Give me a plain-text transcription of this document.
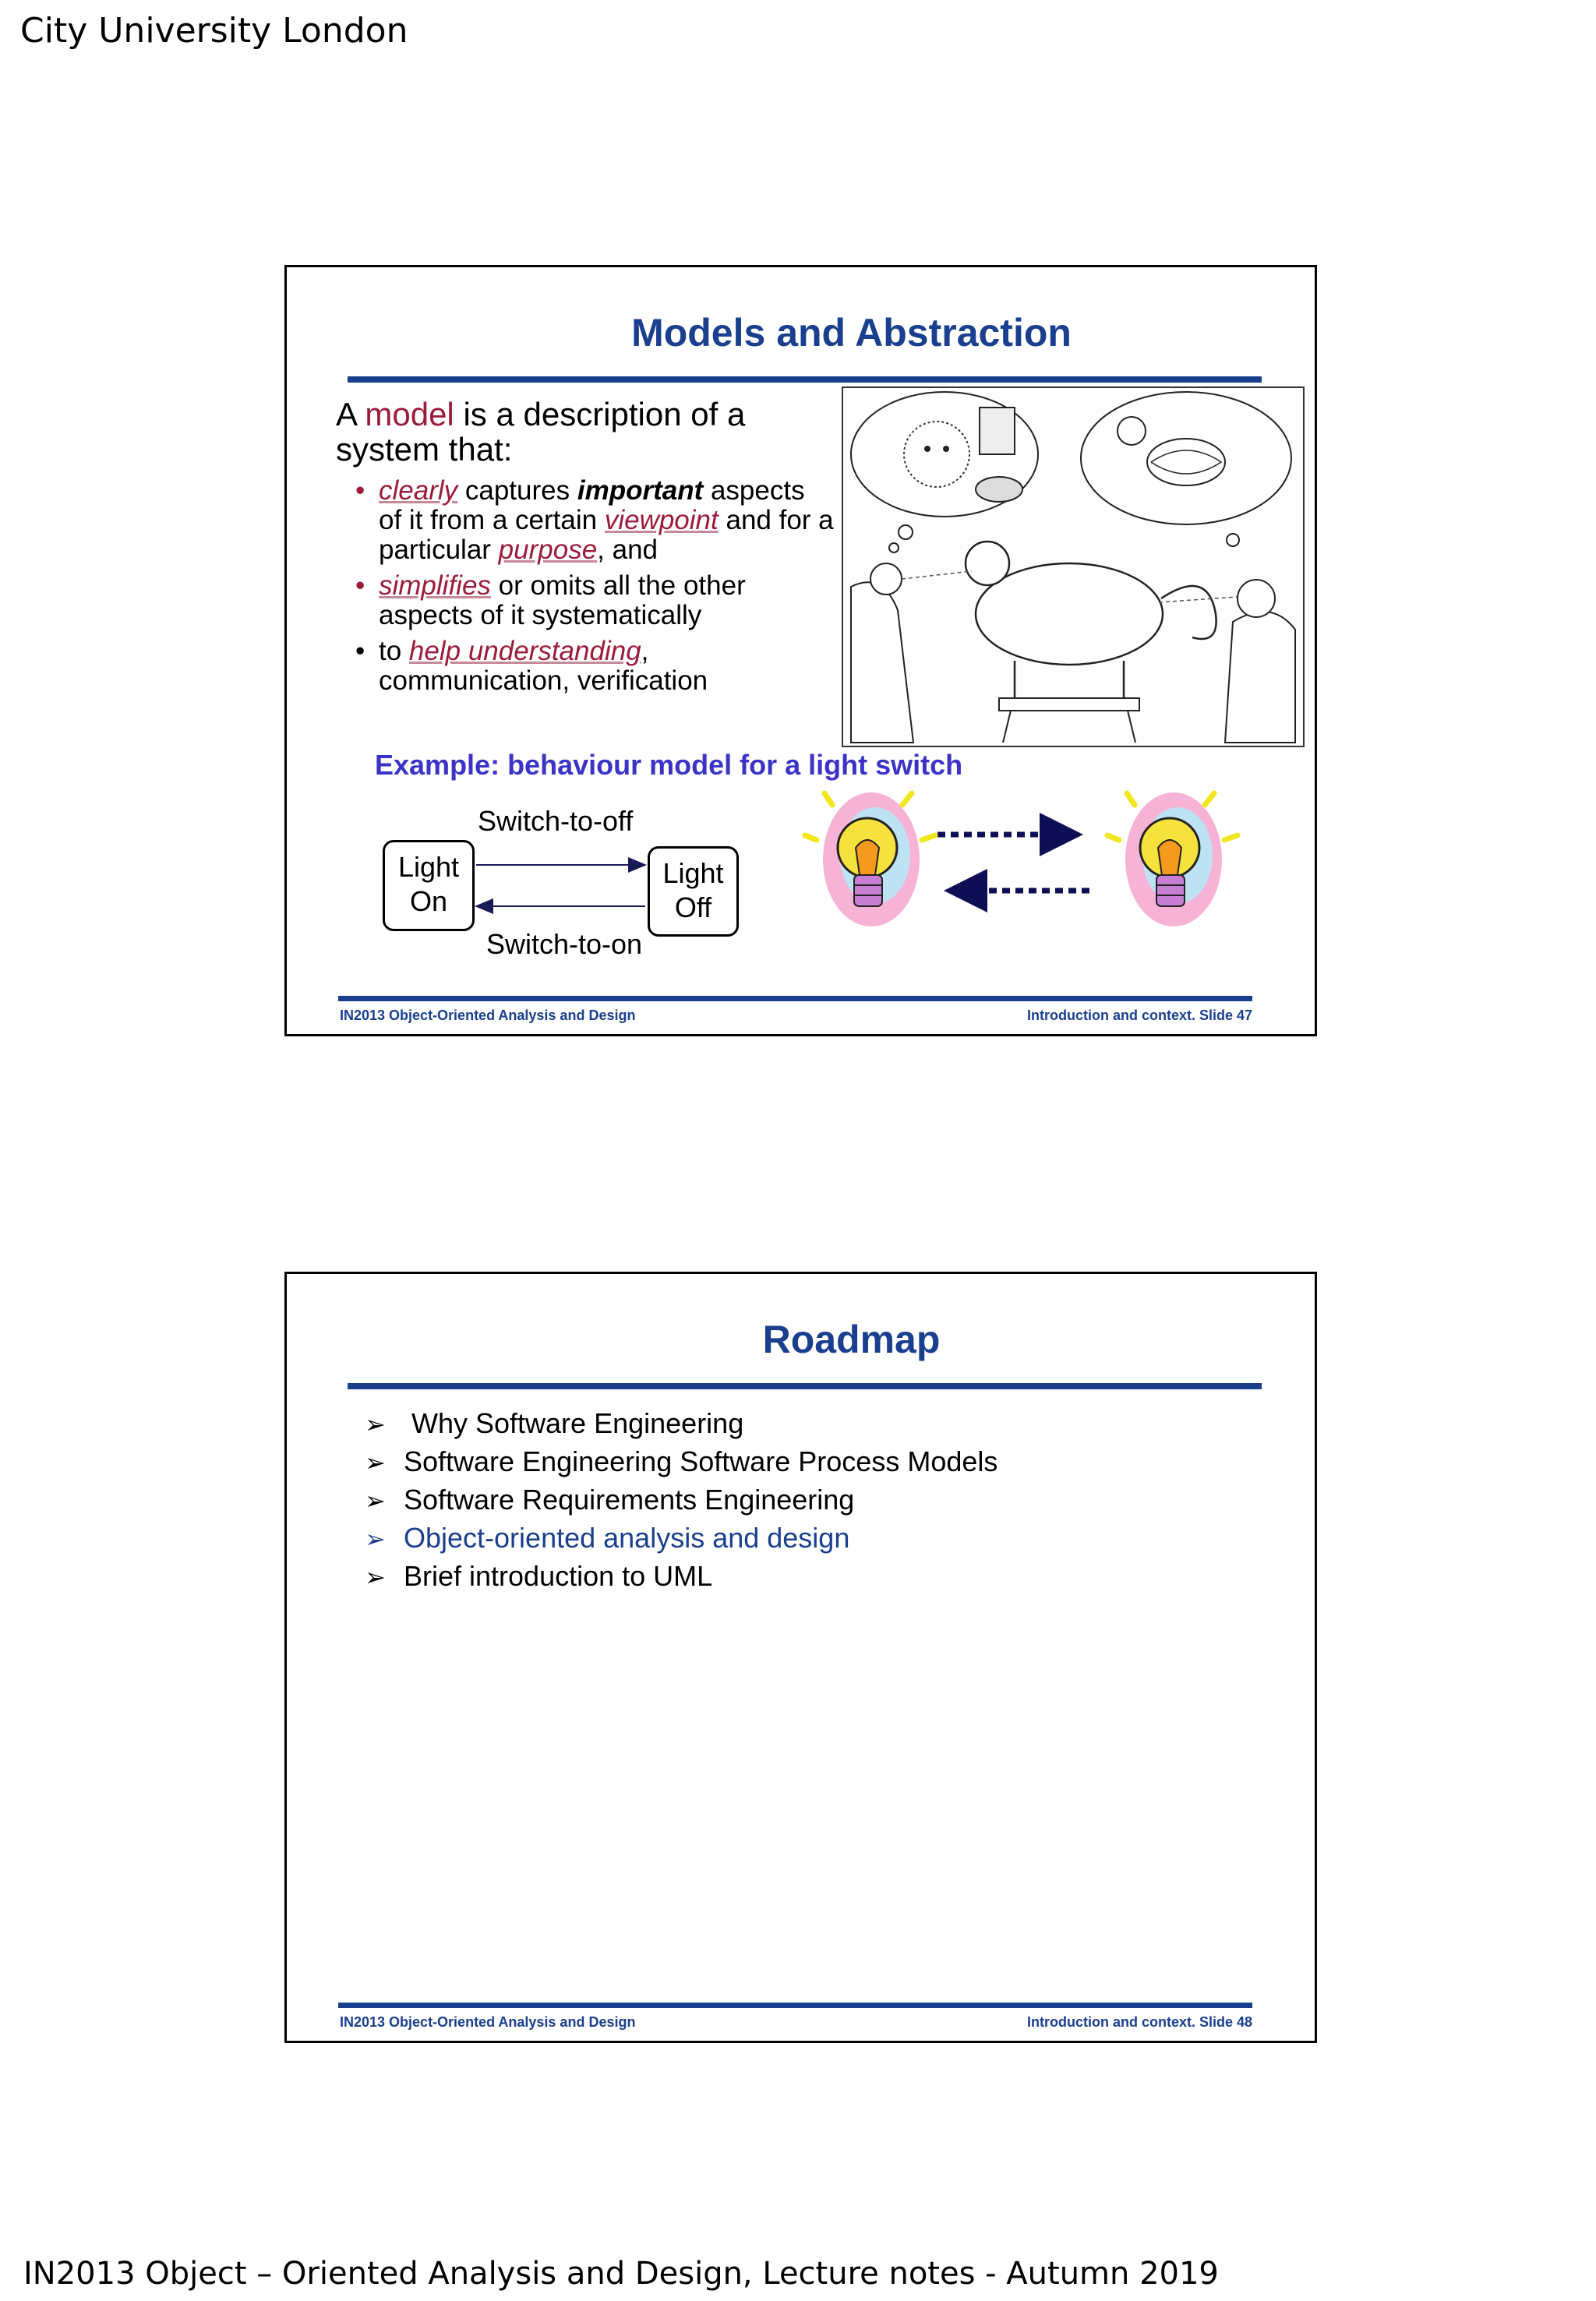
City University London
Models and Abstraction

A model is a description of a system that:

• clearly captures important aspects of it from a certain viewpoint and for a particular purpose, and
• simplifies or omits all the other aspects of it systematically
• to help understanding, communication, verification
Example: behaviour model for a light switch
Light On
Light Off
Switch-to-off
Switch-to-on
IN2013 Object-Oriented Analysis and Design	Introduction and context. Slide 47
Roadmap
➢ Why Software Engineering
➢ Software Engineering Software Process Models
➢ Software Requirements Engineering
➢ Object-oriented analysis and design
➢ Brief introduction to UML
IN2013 Object-Oriented Analysis and Design	Introduction and context. Slide 48
IN2013 Object – Oriented Analysis and Design, Lecture notes - Autumn 2019
